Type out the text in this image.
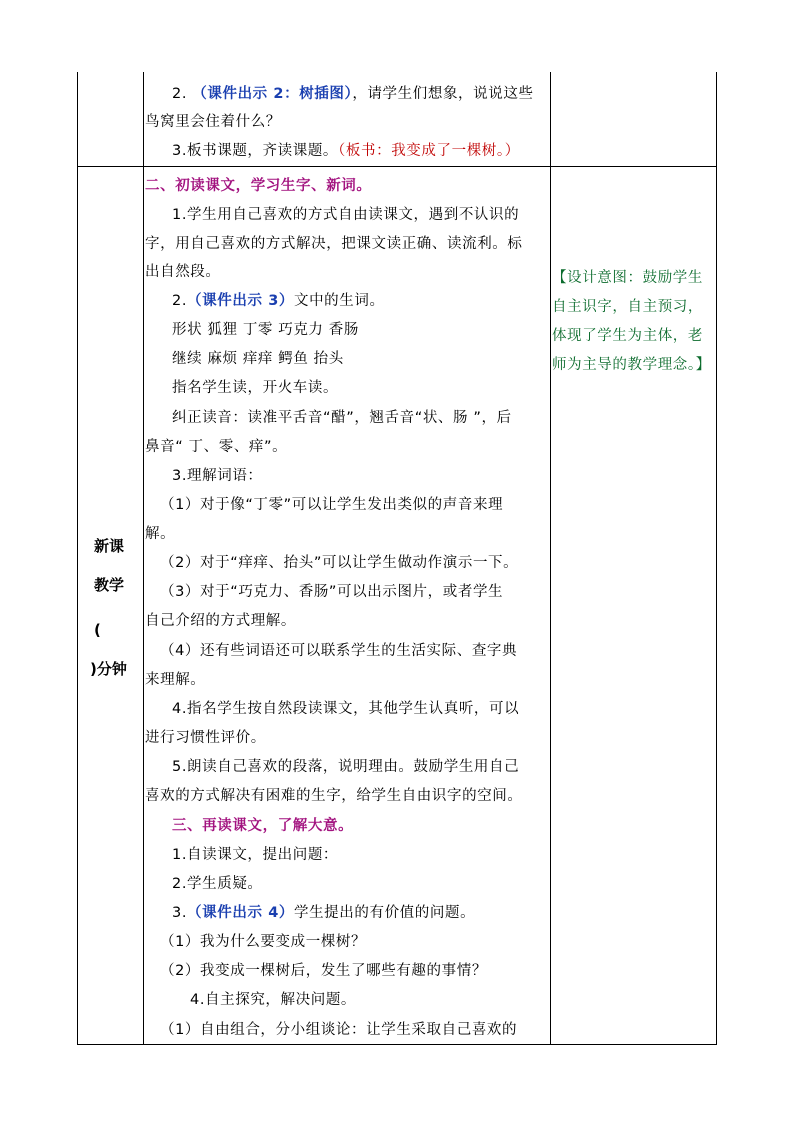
2. （课件出示 2：树插图），请学生们想象，说说这些
鸟窝里会住着什么？
3.板书课题，齐读课题。（板书：我变成了一棵树。）
新课
教学
(
)分钟
二、初读课文，学习生字、新词。
1.学生用自己喜欢的方式自由读课文，遇到不认识的
字，用自己喜欢的方式解决，把课文读正确、读流利。标
出自然段。
2.（课件出示 3）文中的生词。
形状 狐狸 丁零 巧克力 香肠
继续 麻烦 痒痒 鳄鱼 抬头
指名学生读，开火车读。
纠正读音：读准平舌音“醋”，翘舌音“状、肠 ”，后
鼻音“ 丁、零、痒”。
3.理解词语：
（1）对于像“丁零”可以让学生发出类似的声音来理
解。
（2）对于“痒痒、抬头”可以让学生做动作演示一下。
（3）对于“巧克力、香肠”可以出示图片，或者学生
自己介绍的方式理解。
（4）还有些词语还可以联系学生的生活实际、查字典
来理解。
4.指名学生按自然段读课文，其他学生认真听，可以
进行习惯性评价。
5.朗读自己喜欢的段落，说明理由。鼓励学生用自己
喜欢的方式解决有困难的生字，给学生自由识字的空间。
三、再读课文，了解大意。
1.自读课文，提出问题：
2.学生质疑。
3.（课件出示 4）学生提出的有价值的问题。
（1）我为什么要变成一棵树？
（2）我变成一棵树后，发生了哪些有趣的事情？
4.自主探究，解决问题。
（1）自由组合，分小组谈论：让学生采取自己喜欢的
【设计意图：鼓励学生
自主识字，自主预习，
体现了学生为主体，老
师为主导的教学理念。】
